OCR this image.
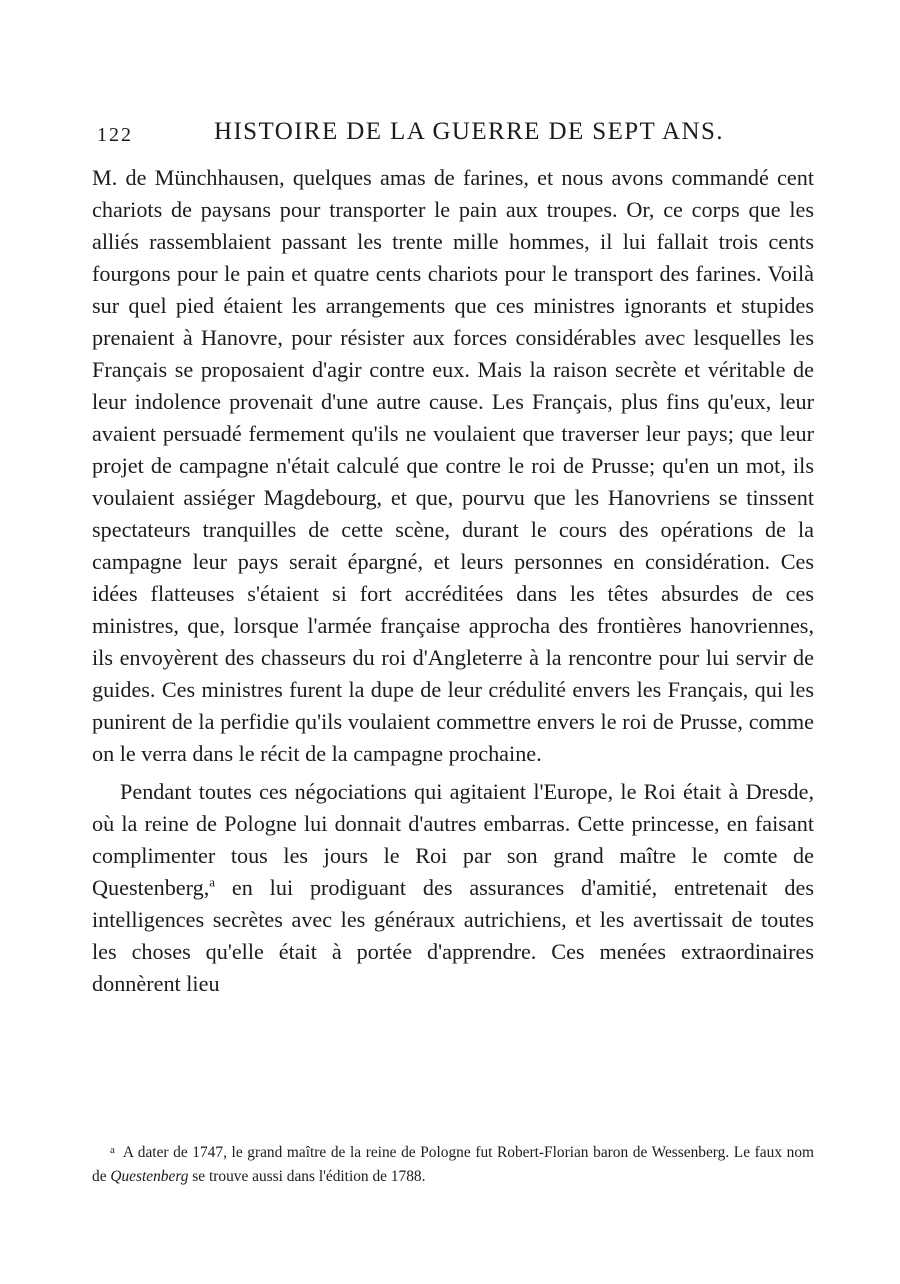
122	HISTOIRE DE LA GUERRE DE SEPT ANS.

M. de Münchhausen, quelques amas de farines, et nous avons commandé cent chariots de paysans pour transporter le pain aux troupes. Or, ce corps que les alliés rassemblaient passant les trente mille hommes, il lui fallait trois cents fourgons pour le pain et quatre cents chariots pour le transport des farines. Voilà sur quel pied étaient les arrangements que ces ministres ignorants et stupides prenaient à Hanovre, pour résister aux forces considérables avec lesquelles les Français se proposaient d'agir contre eux. Mais la raison secrète et véritable de leur indolence provenait d'une autre cause. Les Français, plus fins qu'eux, leur avaient persuadé fermement qu'ils ne voulaient que traverser leur pays; que leur projet de campagne n'était calculé que contre le roi de Prusse; qu'en un mot, ils voulaient assiéger Magdebourg, et que, pourvu que les Hanovriens se tinssent spectateurs tranquilles de cette scène, durant le cours des opérations de la campagne leur pays serait épargné, et leurs personnes en considération. Ces idées flatteuses s'étaient si fort accréditées dans les têtes absurdes de ces ministres, que, lorsque l'armée française approcha des frontières hanovriennes, ils envoyèrent des chasseurs du roi d'Angleterre à la rencontre pour lui servir de guides. Ces ministres furent la dupe de leur crédulité envers les Français, qui les punirent de la perfidie qu'ils voulaient commettre envers le roi de Prusse, comme on le verra dans le récit de la campagne prochaine.

Pendant toutes ces négociations qui agitaient l'Europe, le Roi était à Dresde, où la reine de Pologne lui donnait d'autres embarras. Cette princesse, en faisant complimenter tous les jours le Roi par son grand maître le comte de Questenberg,$^a$ en lui prodiguant des assurances d'amitié, entretenait des intelligences secrètes avec les généraux autrichiens, et les avertissait de toutes les choses qu'elle était à portée d'apprendre. Ces menées extraordinaires donnèrent lieu

a A dater de 1747, le grand maître de la reine de Pologne fut Robert-Florian baron de Wessenberg. Le faux nom de Questenberg se trouve aussi dans l'édition de 1788.
